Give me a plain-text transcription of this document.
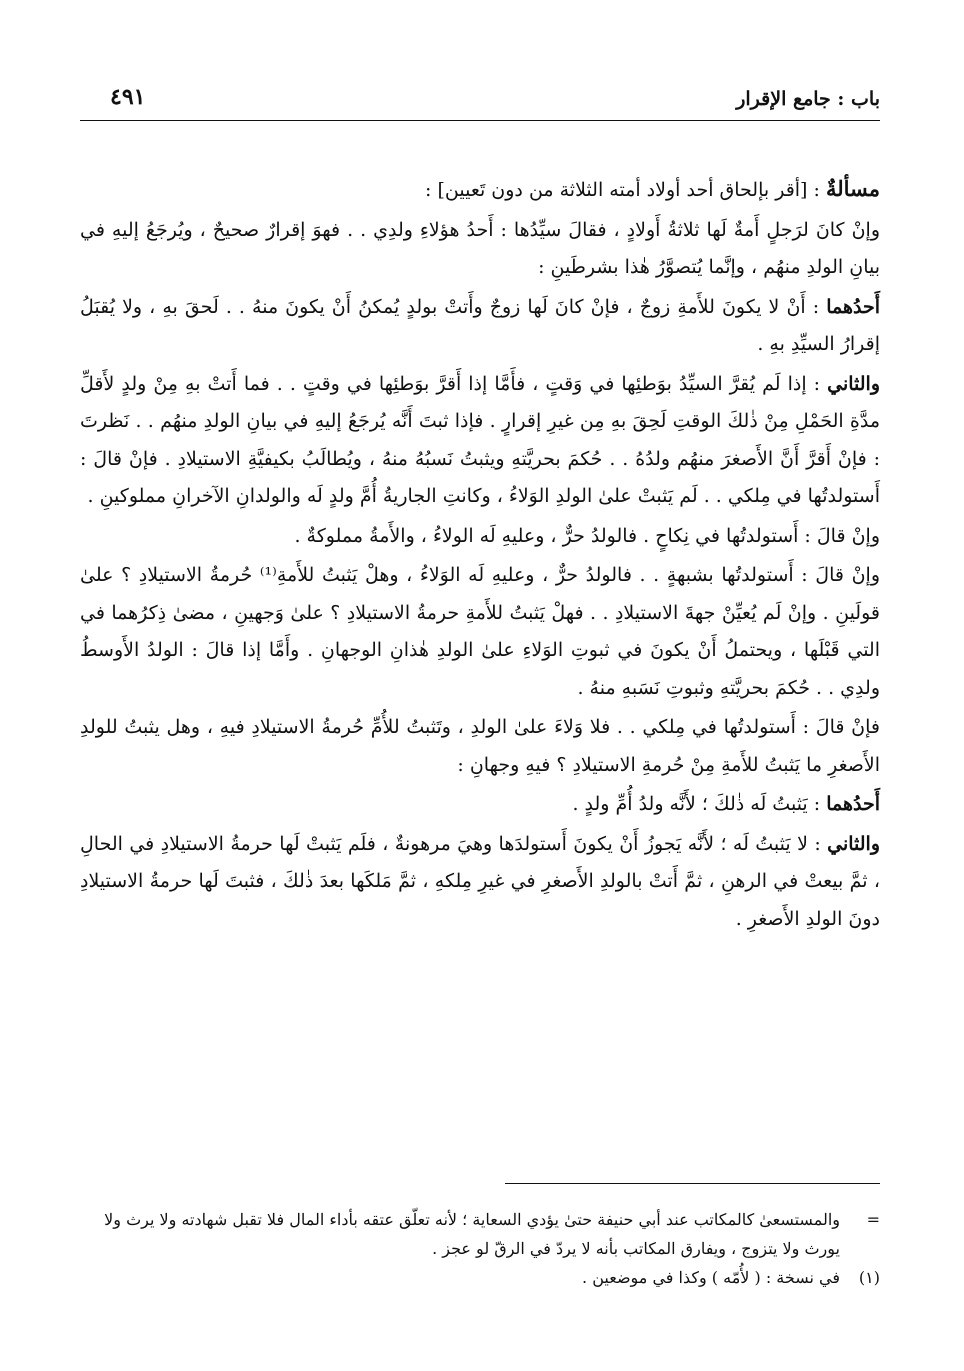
باب : جامع الإقرار
٤٩١

مسألةٌ : [أقر بإلحاق أحد أولاد أمته الثلاثة من دون تَعيين] :

وإنْ كانَ لرَجلٍ أَمةٌ لَها ثلاثةُ أَولادٍ ، فقالَ سيِّدُها : أَحدُ هؤلاءِ ولدِي . . فهوَ إقرارٌ صحيحٌ ، ويُرجَعُ إليهِ في بيانِ الولدِ منهُم ، وإنَّما يُتصوَّرُ هٰذا بشرطَينِ :

أَحدُهما : أَنْ لا يكونَ للأَمةِ زوجٌ ، فإنْ كانَ لَها زوجٌ وأَتتْ بولدٍ يُمكنُ أَنْ يكونَ منهُ . . لَحقَ بهِ ، ولا يُقبَلُ إقرارُ السيِّدِ بهِ .

والثاني : إذا لَم يُقرَّ السيِّدُ بوَطئِها في وَقتٍ ، فأَمَّا إذا أَقرَّ بوَطئِها في وقتٍ . . فما أَتتْ بهِ مِنْ ولدٍ لأَقلِّ مدَّةِ الحَمْلِ مِنْ ذٰلكَ الوقتِ لَحِقَ بهِ مِن غيرِ إقرارٍ . فإذا ثبتَ أَنَّه يُرجَعُ إليهِ في بيانِ الولدِ منهُم . . نَظرتَ : فإنْ أَقرَّ أَنَّ الأَصغرَ منهُم ولدُهُ . . حُكمَ بحريَّتهِ ويثبتُ نَسبُهُ منهُ ، ويُطالَبُ بكيفيَّةِ الاستيلادِ . فإنْ قالَ : أَستولدتُها في مِلكي . . لَم يَثبتْ علىٰ الولدِ الوَلاءُ ، وكانتِ الجاريةُ أُمَّ ولدٍ لَه والولدانِ الآخرانِ مملوكينِ .

وإنْ قالَ : أَستولدتُها في نِكاحٍ . فالولدُ حرٌّ ، وعليهِ لَه الولاءُ ، والأَمةُ مملوكةٌ .

وإنْ قالَ : أَستولدتُها بشبهةٍ . . فالولدُ حرٌّ ، وعليهِ لَه الوَلاءُ ، وهلْ يَثبتُ للأَمةِ⁽¹⁾ حُرمةُ الاستيلادِ ؟ علىٰ قولَينِ . وإنْ لَم يُعيِّنْ جهةَ الاستيلادِ . . فهلْ يَثبتُ للأَمةِ حرمةُ الاستيلادِ ؟ علىٰ وَجهينِ ، مضىٰ ذِكرُهما في التي قَبْلَها ، ويحتملُ أَنْ يكونَ في ثبوتِ الوَلاءِ علىٰ الولدِ هٰذانِ الوجهانِ . وأَمَّا إذا قالَ : الولدُ الأَوسطُ ولدِي . . حُكمَ بحريَّتهِ وثبوتِ نَسَبهِ منهُ .

فإنْ قالَ : أَستولدتُها في مِلكي . . فلا وَلاءَ علىٰ الولدِ ، وتَثبتُ للأُمِّ حُرمةُ الاستيلادِ فيهِ ، وهل يثبتُ للولدِ الأَصغرِ ما يَثبتُ للأَمةِ مِنْ حُرمةِ الاستيلادِ ؟ فيهِ وجهانِ :

أَحدُهما : يَثبتُ لَه ذٰلكَ ؛ لأَنَّه ولدُ أُمِّ ولدٍ .

والثاني : لا يَثبتُ لَه ؛ لأَنَّه يَجوزُ أَنْ يكونَ أَستولدَها وهيَ مرهونةٌ ، فلَم يَثبتْ لَها حرمةُ الاستيلادِ في الحالِ ، ثمَّ بيعتْ في الرهنِ ، ثمَّ أَتتْ بالولدِ الأَصغرِ في غيرِ مِلكهِ ، ثمَّ مَلكَها بعدَ ذٰلكَ ، فثبتَ لَها حرمةُ الاستيلادِ دونَ الولدِ الأَصغرِ .

=
والمستسعىٰ كالمكاتب عند أبي حنيفة حتىٰ يؤدي السعاية ؛ لأنه تعلّق عتقه بأداء المال فلا تقبل شهادته ولا يرث ولا يورث ولا يتزوج ، ويفارق المكاتب بأنه لا يردّ في الرقّ لو عجز .
(١)
في نسخة : ( لأُمّه ) وكذا في موضعين .
